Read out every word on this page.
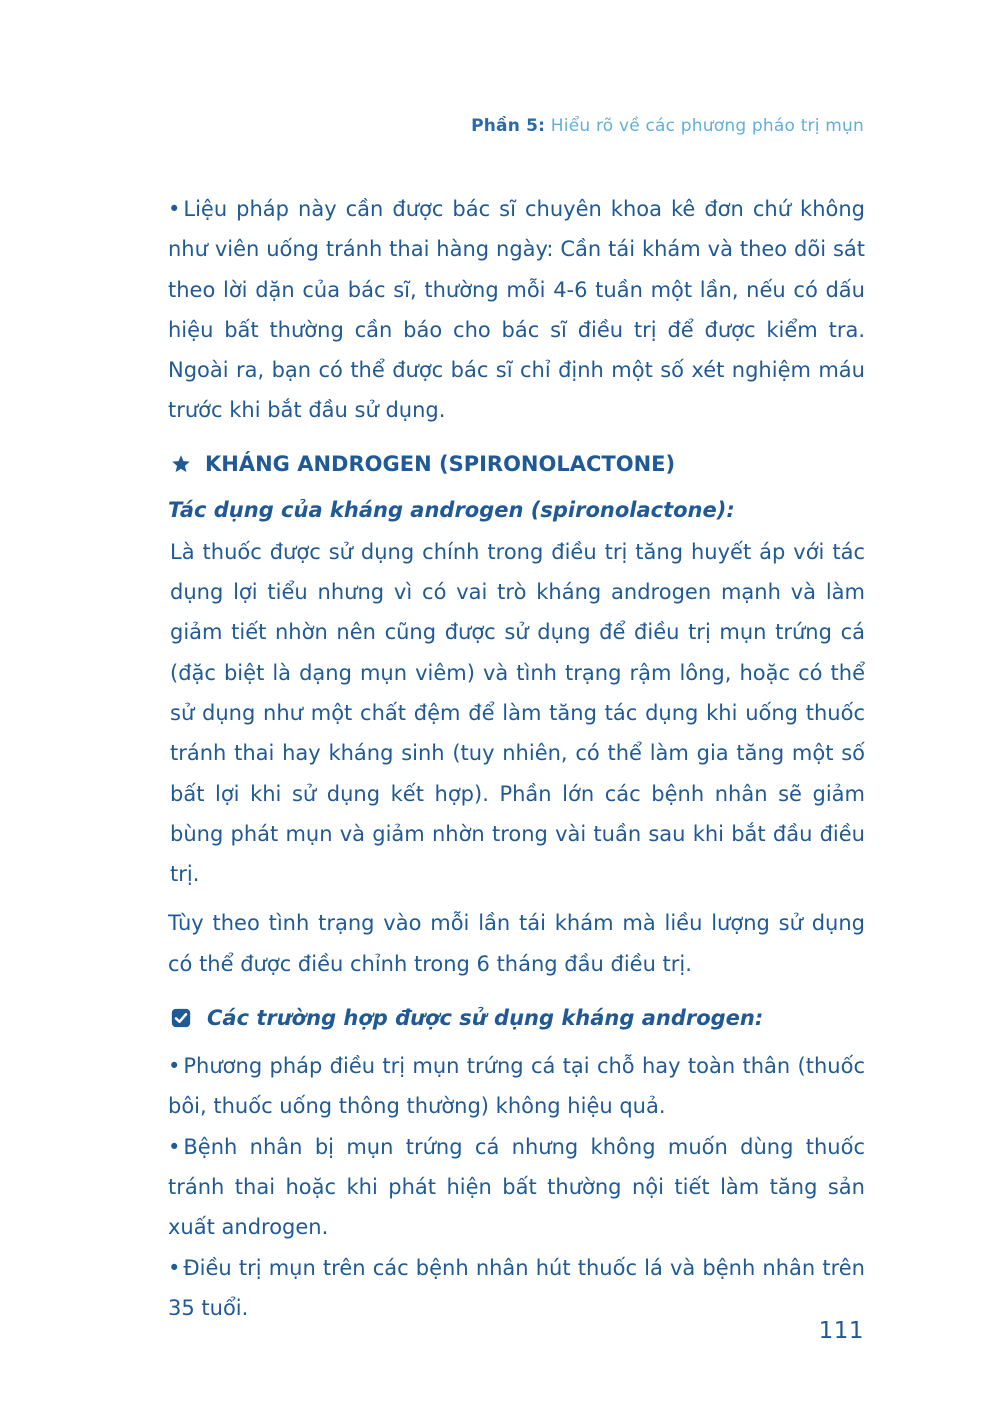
Phần 5: Hiểu rõ về các phương pháo trị mụn

• Liệu pháp này cần được bác sĩ chuyên khoa kê đơn chứ không như viên uống tránh thai hàng ngày: Cần tái khám và theo dõi sát theo lời dặn của bác sĩ, thường mỗi 4-6 tuần một lần, nếu có dấu hiệu bất thường cần báo cho bác sĩ điều trị để được kiểm tra. Ngoài ra, bạn có thể được bác sĩ chỉ định một số xét nghiệm máu trước khi bắt đầu sử dụng.

KHÁNG ANDROGEN (SPIRONOLACTONE)

Tác dụng của kháng androgen (spironolactone):

Là thuốc được sử dụng chính trong điều trị tăng huyết áp với tác dụng lợi tiểu nhưng vì có vai trò kháng androgen mạnh và làm giảm tiết nhờn nên cũng được sử dụng để điều trị mụn trứng cá (đặc biệt là dạng mụn viêm) và tình trạng rậm lông, hoặc có thể sử dụng như một chất đệm để làm tăng tác dụng khi uống thuốc tránh thai hay kháng sinh (tuy nhiên, có thể làm gia tăng một số bất lợi khi sử dụng kết hợp). Phần lớn các bệnh nhân sẽ giảm bùng phát mụn và giảm nhờn trong vài tuần sau khi bắt đầu điều trị.

Tùy theo tình trạng vào mỗi lần tái khám mà liều lượng sử dụng có thể được điều chỉnh trong 6 tháng đầu điều trị.

Các trường hợp được sử dụng kháng androgen:

• Phương pháp điều trị mụn trứng cá tại chỗ hay toàn thân (thuốc bôi, thuốc uống thông thường) không hiệu quả.

• Bệnh nhân bị mụn trứng cá nhưng không muốn dùng thuốc tránh thai hoặc khi phát hiện bất thường nội tiết làm tăng sản xuất androgen.

• Điều trị mụn trên các bệnh nhân hút thuốc lá và bệnh nhân trên 35 tuổi.

111
